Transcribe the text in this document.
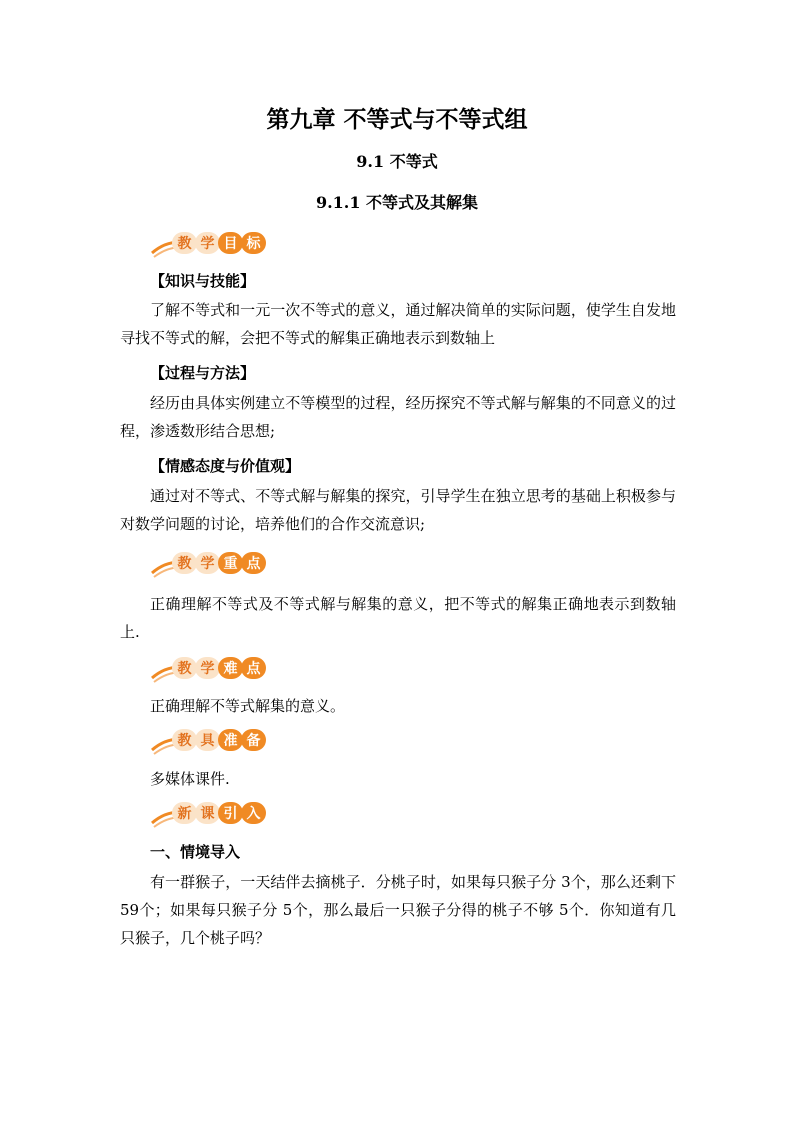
第九章 不等式与不等式组
9.1 不等式
9.1.1 不等式及其解集
教 学 目 标

【知识与技能】

了解不等式和一元一次不等式的意义，通过解决简单的实际问题，使学生自发地寻找不等式的解，会把不等式的解集正确地表示到数轴上

【过程与方法】

经历由具体实例建立不等模型的过程，经历探究不等式解与解集的不同意义的过程，渗透数形结合思想;

【情感态度与价值观】

通过对不等式、不等式解与解集的探究，引导学生在独立思考的基础上积极参与对数学问题的讨论，培养他们的合作交流意识;

教 学 重 点

正确理解不等式及不等式解与解集的意义，把不等式的解集正确地表示到数轴上.

教 学 难 点

正确理解不等式解集的意义。

教 具 准 备

多媒体课件.

新 课 引 入

一、情境导入

有一群猴子，一天结伴去摘桃子．分桃子时，如果每只猴子分 3个，那么还剩下 59个；如果每只猴子分 5个，那么最后一只猴子分得的桃子不够 5个．你知道有几只猴子，几个桃子吗？
